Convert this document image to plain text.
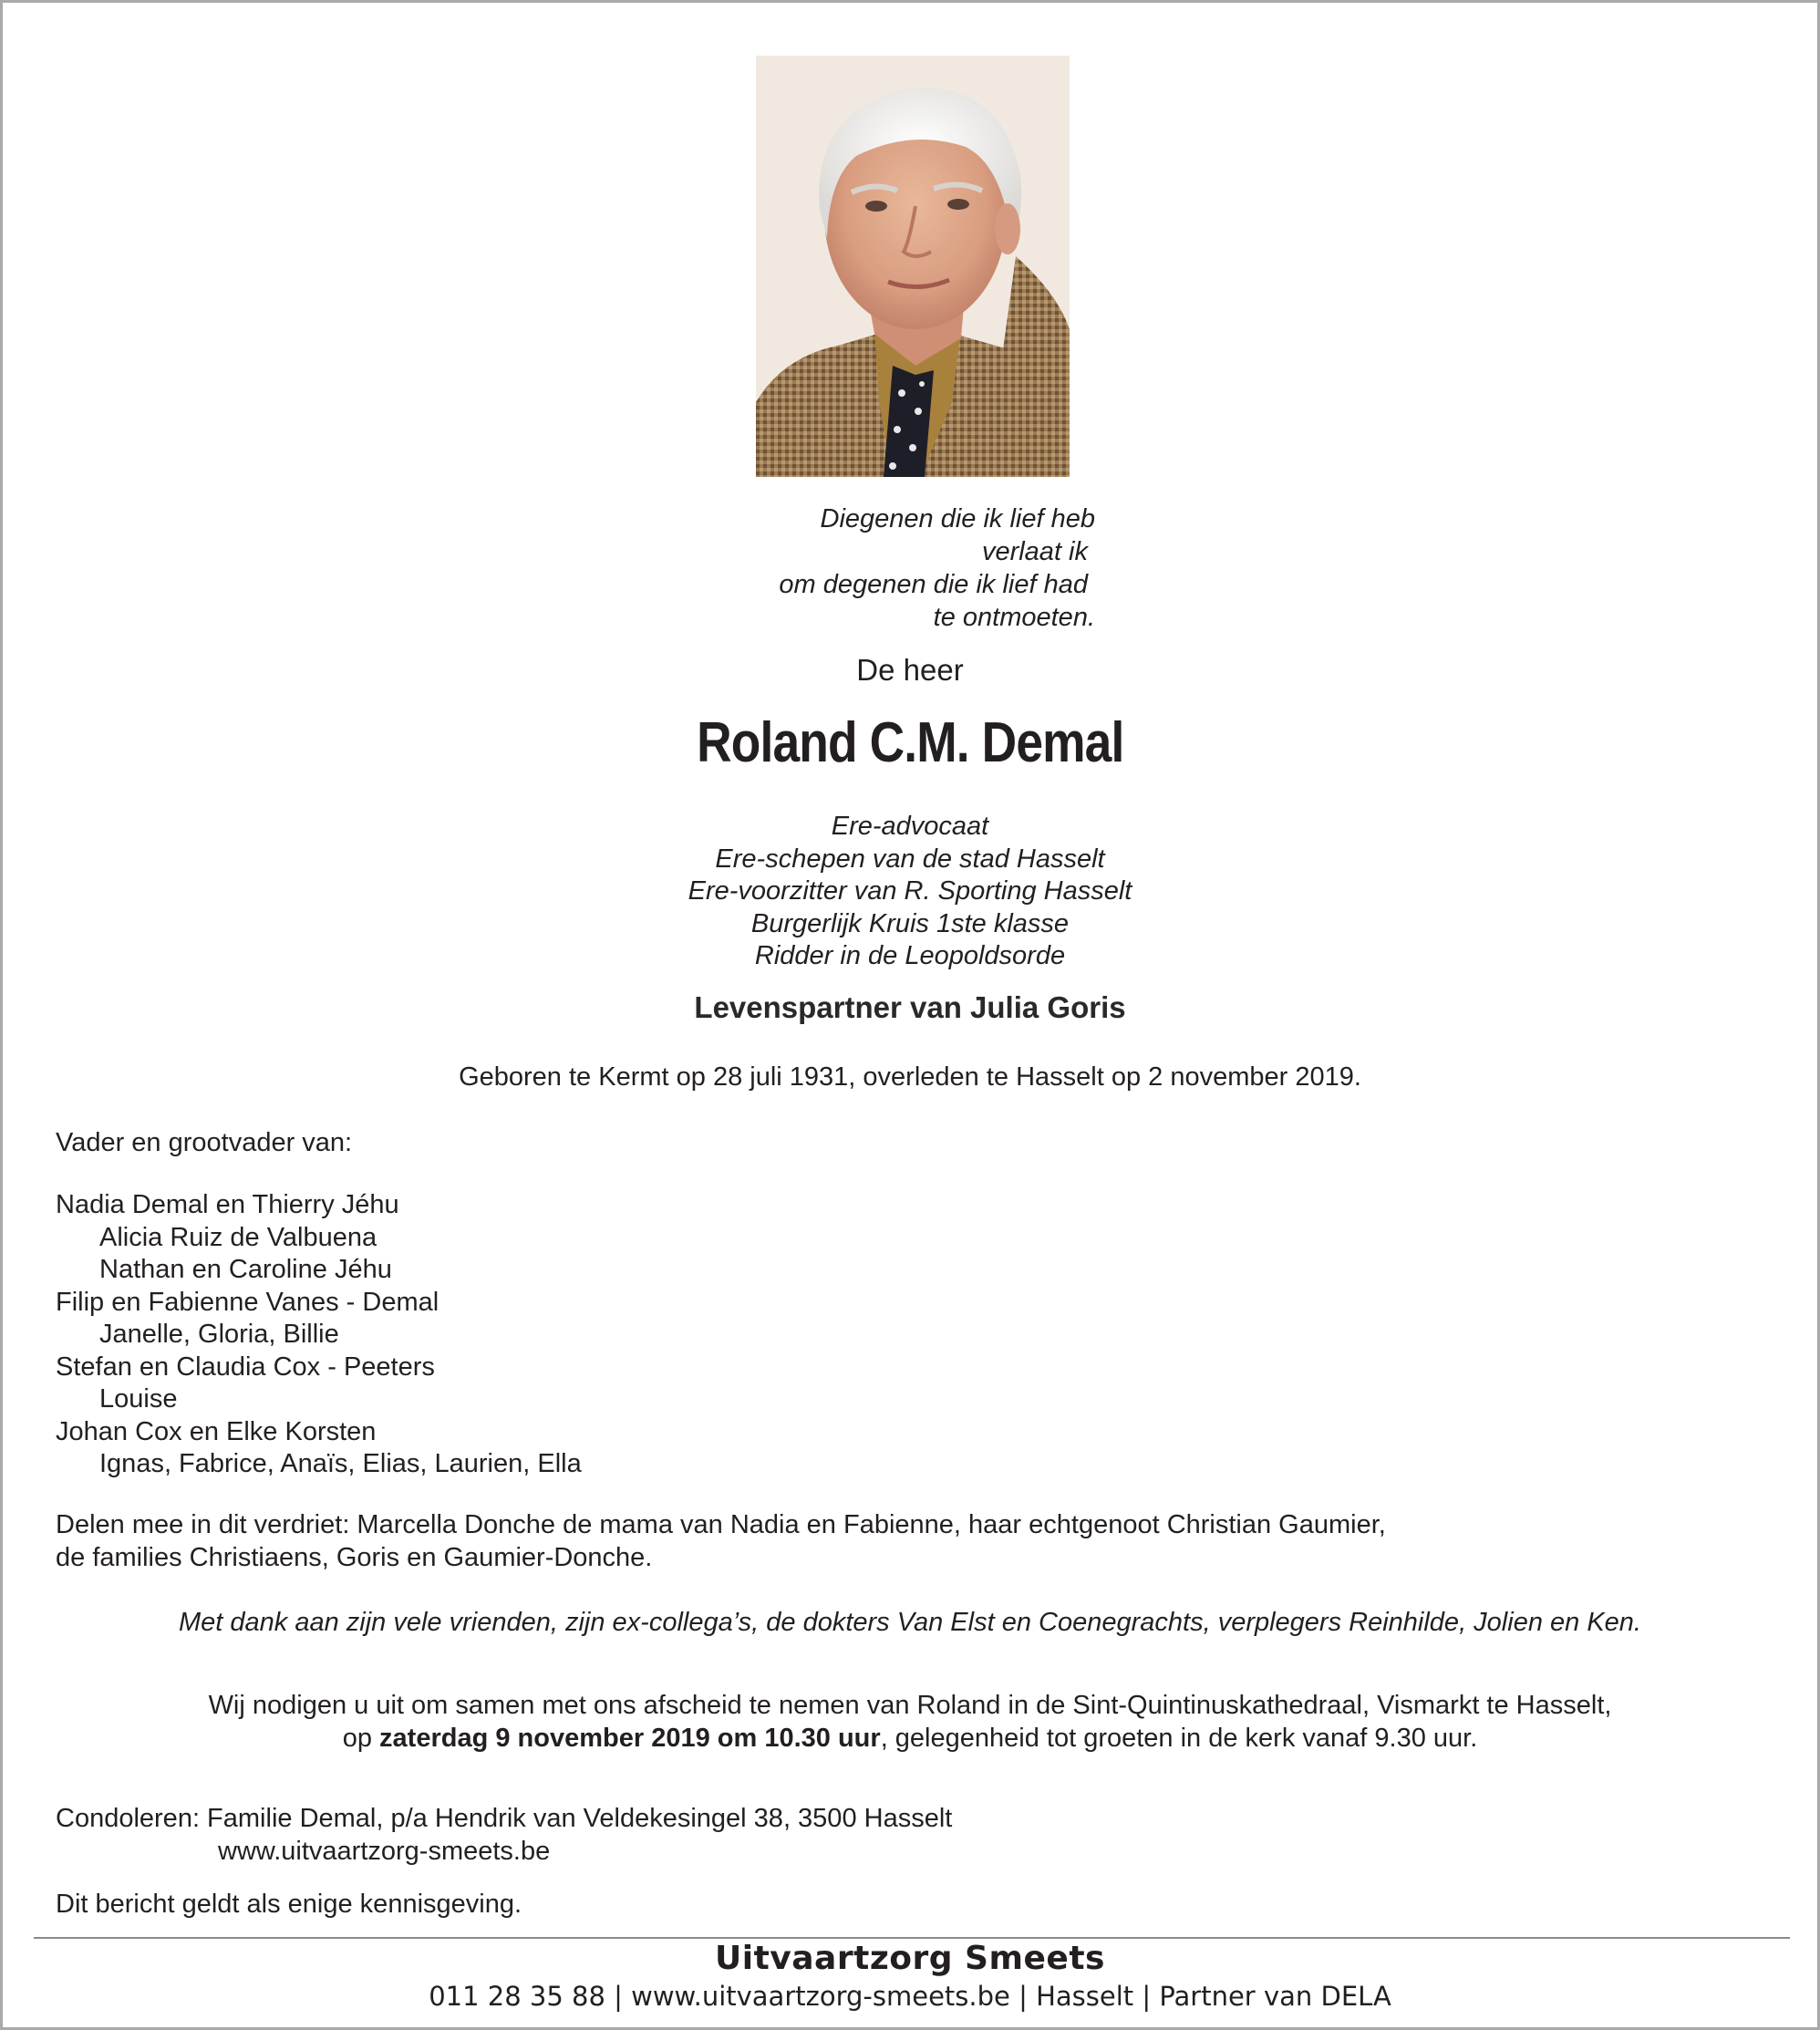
Diegenen die ik lief heb
verlaat ik
om degenen die ik lief had
te ontmoeten.

De heer

Roland C.M. Demal

Ere-advocaat
Ere-schepen van de stad Hasselt
Ere-voorzitter van R. Sporting Hasselt
Burgerlijk Kruis 1ste klasse
Ridder in de Leopoldsorde

Levenspartner van Julia Goris

Geboren te Kermt op 28 juli 1931, overleden te Hasselt op 2 november 2019.

Vader en grootvader van:

Nadia Demal en Thierry Jéhu
Alicia Ruiz de Valbuena
Nathan en Caroline Jéhu
Filip en Fabienne Vanes - Demal
Janelle, Gloria, Billie
Stefan en Claudia Cox - Peeters
Louise
Johan Cox en Elke Korsten
Ignas, Fabrice, Anaïs, Elias, Laurien, Ella

Delen mee in dit verdriet: Marcella Donche de mama van Nadia en Fabienne, haar echtgenoot Christian Gaumier,
de families Christiaens, Goris en Gaumier-Donche.

Met dank aan zijn vele vrienden, zijn ex-collega’s, de dokters Van Elst en Coenegrachts, verplegers Reinhilde, Jolien en Ken.

Wij nodigen u uit om samen met ons afscheid te nemen van Roland in de Sint-Quintinuskathedraal, Vismarkt te Hasselt,
op zaterdag 9 november 2019 om 10.30 uur, gelegenheid tot groeten in de kerk vanaf 9.30 uur.

Condoleren: Familie Demal, p/a Hendrik van Veldekesingel 38, 3500 Hasselt
www.uitvaartzorg-smeets.be

Dit bericht geldt als enige kennisgeving.

Uitvaartzorg Smeets

011 28 35 88 | www.uitvaartzorg-smeets.be | Hasselt | Partner van DELA
